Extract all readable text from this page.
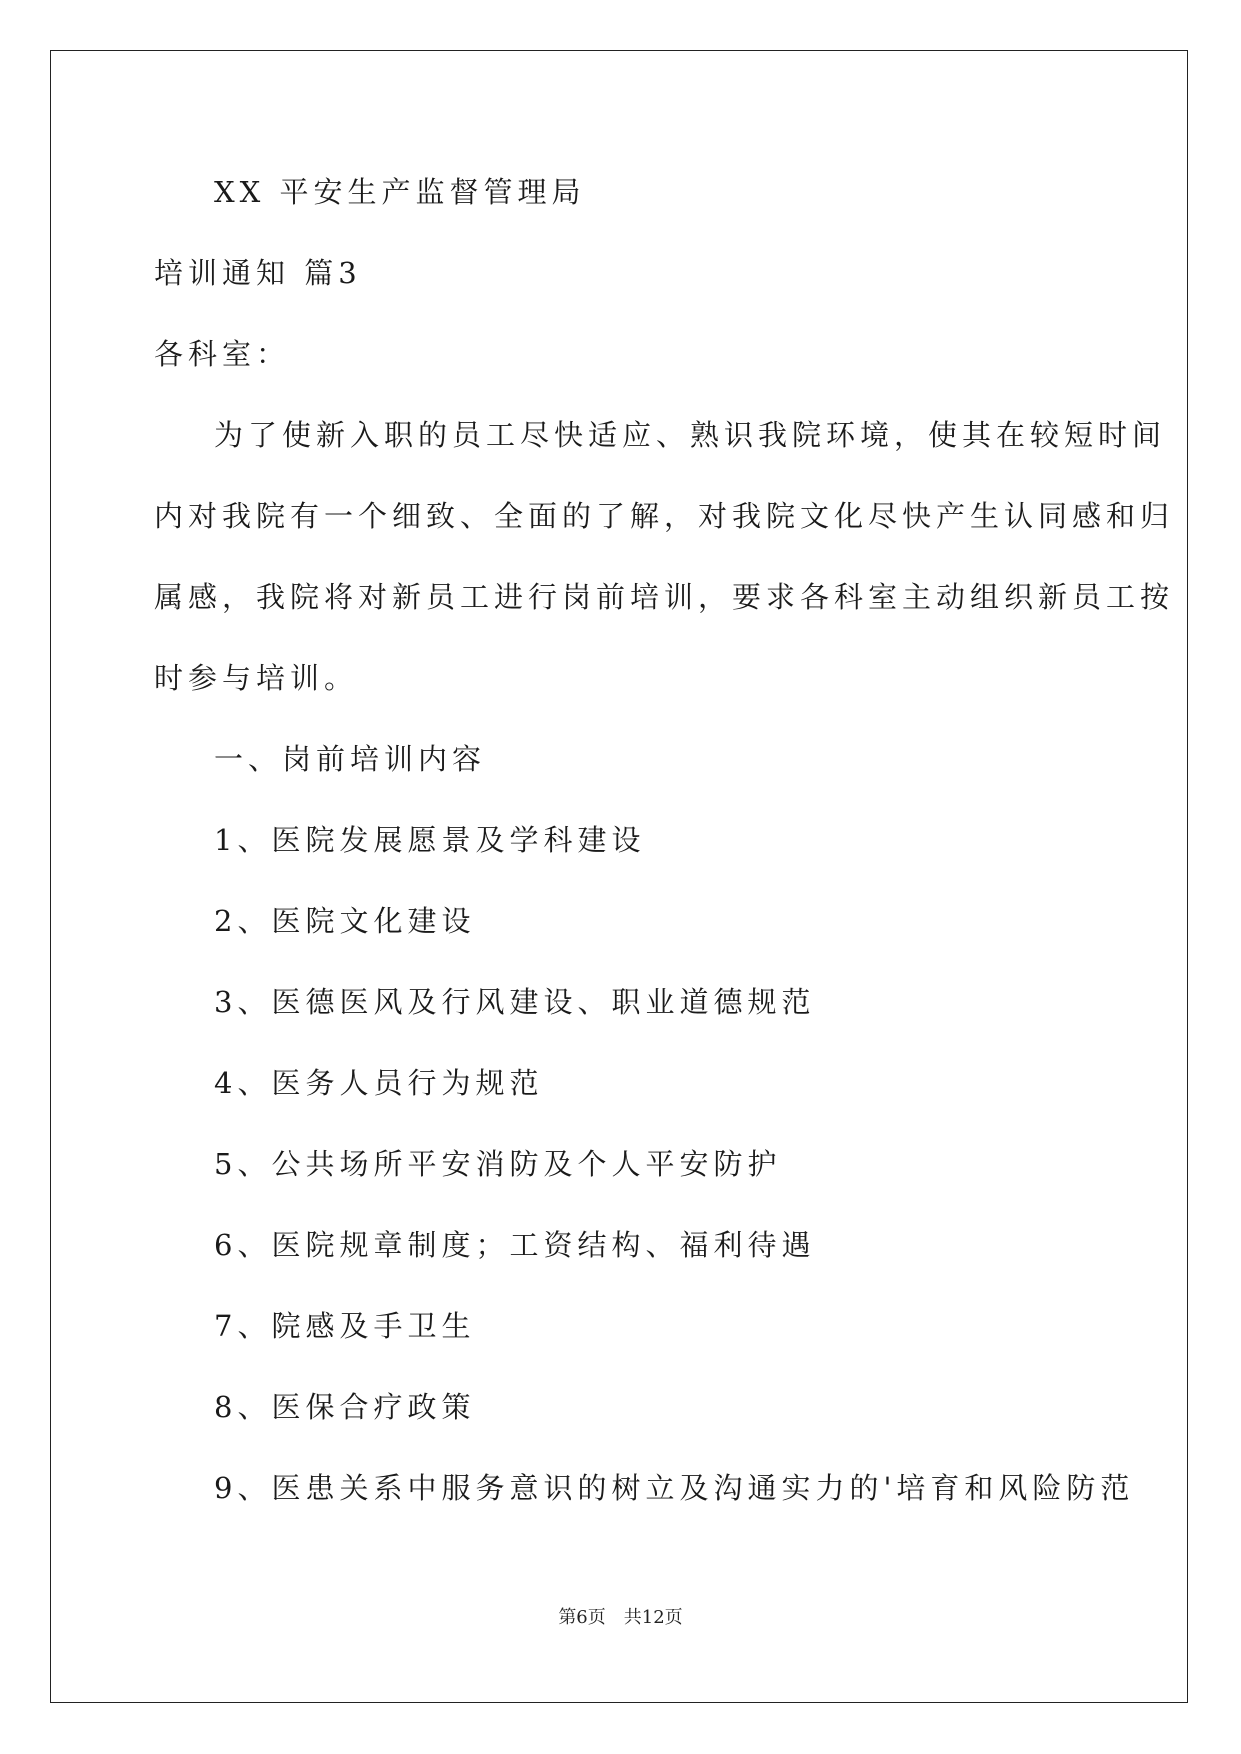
XX 平安生产监督管理局
培训通知 篇3
各科室：
为了使新入职的员工尽快适应、熟识我院环境，使其在较短时间
内对我院有一个细致、全面的了解，对我院文化尽快产生认同感和归
属感，我院将对新员工进行岗前培训，要求各科室主动组织新员工按
时参与培训。
一、岗前培训内容
1、医院发展愿景及学科建设
2、医院文化建设
3、医德医风及行风建设、职业道德规范
4、医务人员行为规范
5、公共场所平安消防及个人平安防护
6、医院规章制度；工资结构、福利待遇
7、院感及手卫生
8、医保合疗政策
9、医患关系中服务意识的树立及沟通实力的'培育和风险防范
第6页 共12页
